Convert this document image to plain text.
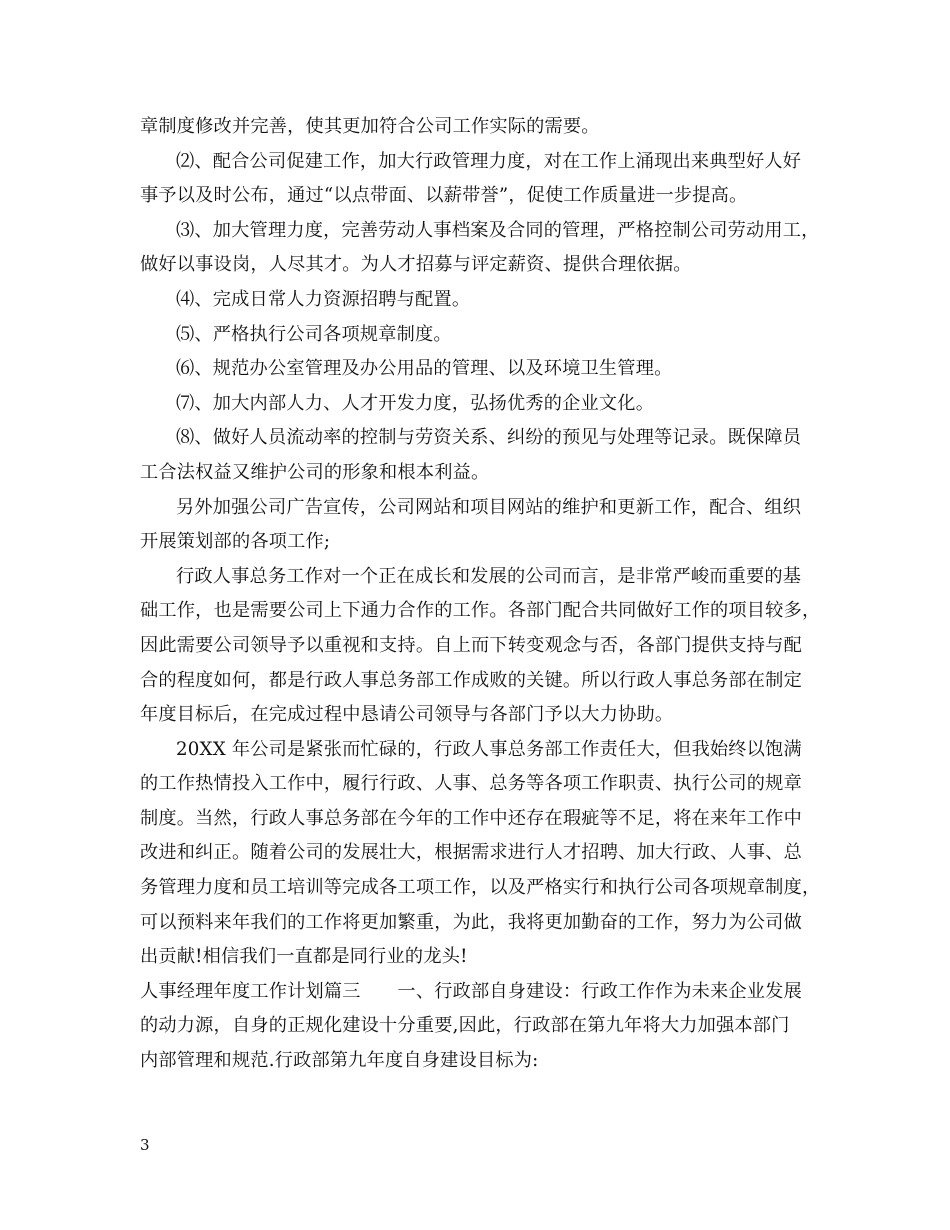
章制度修改并完善，使其更加符合公司工作实际的需要。
⑵、配合公司促建工作，加大行政管理力度，对在工作上涌现出来典型好人好
事予以及时公布，通过“以点带面、以薪带誉”，促使工作质量进一步提高。
⑶、加大管理力度，完善劳动人事档案及合同的管理，严格控制公司劳动用工，
做好以事设岗，人尽其才。为人才招募与评定薪资、提供合理依据。
⑷、完成日常人力资源招聘与配置。
⑸、严格执行公司各项规章制度。
⑹、规范办公室管理及办公用品的管理、以及环境卫生管理。
⑺、加大内部人力、人才开发力度，弘扬优秀的企业文化。
⑻、做好人员流动率的控制与劳资关系、纠纷的预见与处理等记录。既保障员
工合法权益又维护公司的形象和根本利益。
另外加强公司广告宣传，公司网站和项目网站的维护和更新工作，配合、组织
开展策划部的各项工作;
行政人事总务工作对一个正在成长和发展的公司而言，是非常严峻而重要的基
础工作，也是需要公司上下通力合作的工作。各部门配合共同做好工作的项目较多，
因此需要公司领导予以重视和支持。自上而下转变观念与否，各部门提供支持与配
合的程度如何，都是行政人事总务部工作成败的关键。所以行政人事总务部在制定
年度目标后，在完成过程中恳请公司领导与各部门予以大力协助。
20XX 年公司是紧张而忙碌的，行政人事总务部工作责任大，但我始终以饱满
的工作热情投入工作中，履行行政、人事、总务等各项工作职责、执行公司的规章
制度。当然，行政人事总务部在今年的工作中还存在瑕疵等不足，将在来年工作中
改进和纠正。随着公司的发展壮大，根据需求进行人才招聘、加大行政、人事、总
务管理力度和员工培训等完成各工项工作，以及严格实行和执行公司各项规章制度，
可以预料来年我们的工作将更加繁重，为此，我将更加勤奋的工作，努力为公司做
出贡献!相信我们一直都是同行业的龙头!
人事经理年度工作计划篇三　　一、行政部自身建设：行政工作作为未来企业发展
的动力源，自身的正规化建设十分重要,因此，行政部在第九年将大力加强本部门
内部管理和规范.行政部第九年度自身建设目标为:
3
